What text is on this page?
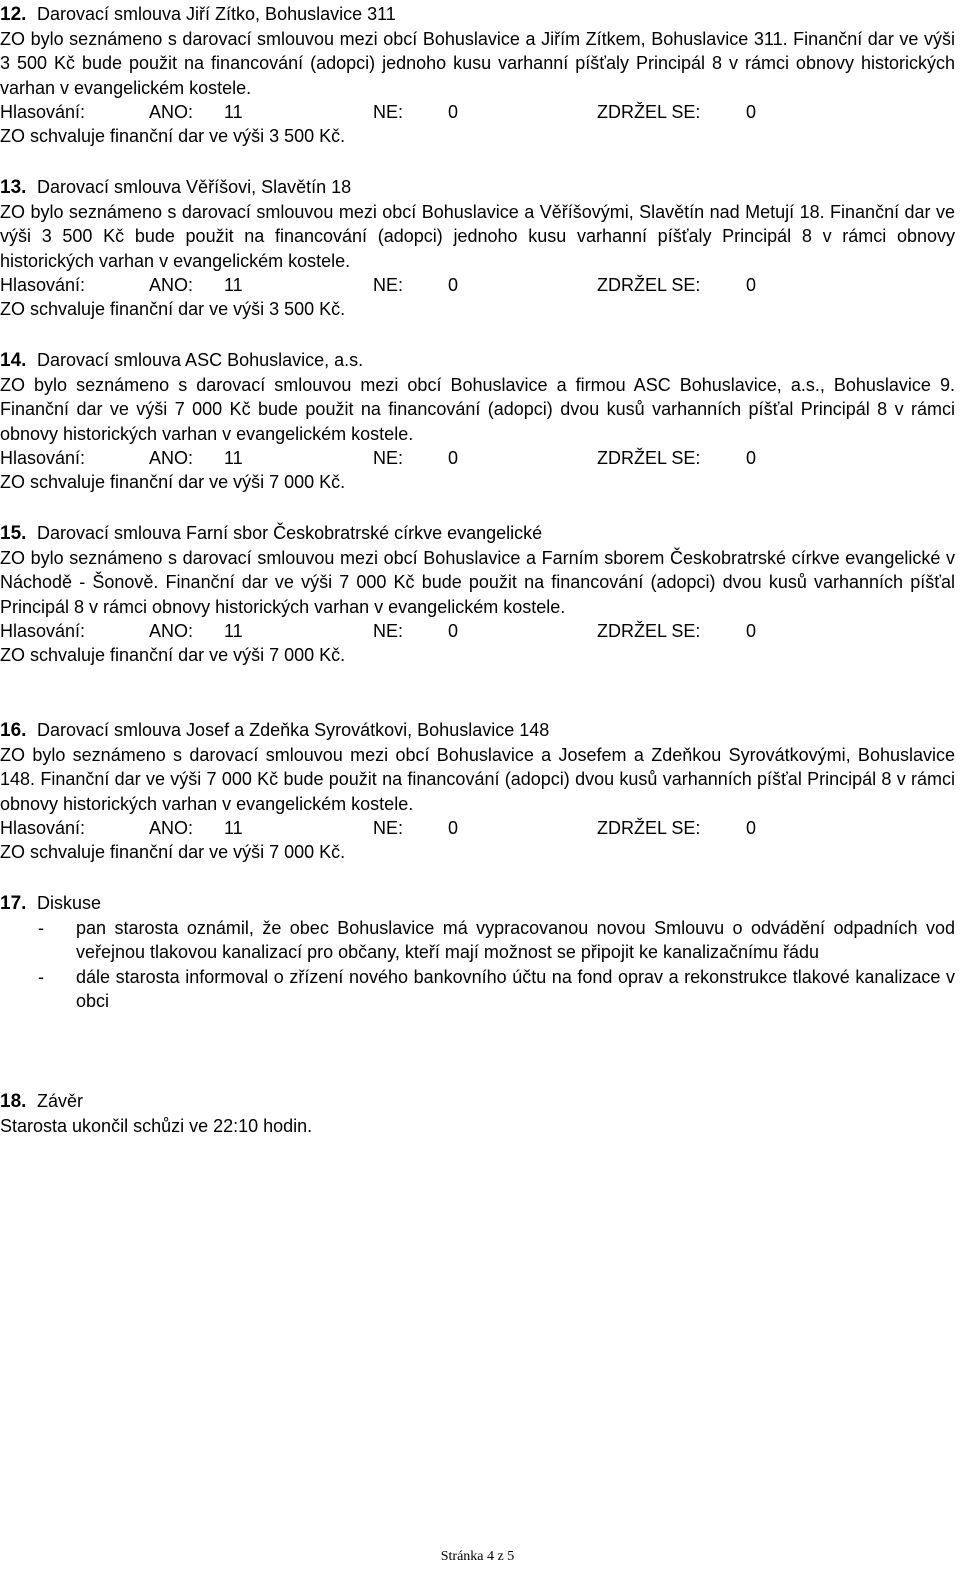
12. Darovací smlouva Jiří Zítko, Bohuslavice 311
ZO bylo seznámeno s darovací smlouvou mezi obcí Bohuslavice a Jiřím Zítkem, Bohuslavice 311. Finanční dar ve výši 3 500 Kč bude použit na financování (adopci) jednoho kusu varhanní píšťaly Principál 8 v rámci obnovy historických varhan v evangelickém kostele.
Hlasování:	ANO: 11	NE: 0	ZDRŽEL SE:	0
ZO schvaluje finanční dar ve výši 3 500 Kč.
13. Darovací smlouva Věříšovi, Slavětín 18
ZO bylo seznámeno s darovací smlouvou mezi obcí Bohuslavice a Věříšovými, Slavětín nad Metují 18. Finanční dar ve výši 3 500 Kč bude použit na financování (adopci) jednoho kusu varhanní píšťaly Principál 8 v rámci obnovy historických varhan v evangelickém kostele.
Hlasování:	ANO: 11	NE: 0	ZDRŽEL SE:	0
ZO schvaluje finanční dar ve výši 3 500 Kč.
14. Darovací smlouva ASC Bohuslavice, a.s.
ZO bylo seznámeno s darovací smlouvou mezi obcí Bohuslavice a firmou ASC Bohuslavice, a.s., Bohuslavice 9. Finanční dar ve výši 7 000 Kč bude použit na financování (adopci) dvou kusů varhanních píšťal Principál 8 v rámci obnovy historických varhan v evangelickém kostele.
Hlasování:	ANO: 11	NE: 0	ZDRŽEL SE:	0
ZO schvaluje finanční dar ve výši 7 000 Kč.
15. Darovací smlouva Farní sbor Českobratrské církve evangelické
ZO bylo seznámeno s darovací smlouvou mezi obcí Bohuslavice a Farním sborem Českobratrské církve evangelické v Náchodě - Šonově. Finanční dar ve výši 7 000 Kč bude použit na financování (adopci) dvou kusů varhanních píšťal Principál 8 v rámci obnovy historických varhan v evangelickém kostele.
Hlasování:	ANO: 11	NE: 0	ZDRŽEL SE:	0
ZO schvaluje finanční dar ve výši 7 000 Kč.
16. Darovací smlouva Josef a Zdeňka Syrovátkovi, Bohuslavice 148
ZO bylo seznámeno s darovací smlouvou mezi obcí Bohuslavice a Josefem a Zdeňkou Syrovátkovými, Bohuslavice 148. Finanční dar ve výši 7 000 Kč bude použit na financování (adopci) dvou kusů varhanních píšťal Principál 8 v rámci obnovy historických varhan v evangelickém kostele.
Hlasování:	ANO: 11	NE: 0	ZDRŽEL SE:	0
ZO schvaluje finanční dar ve výši 7 000 Kč.
17. Diskuse
- pan starosta oznámil, že obec Bohuslavice má vypracovanou novou Smlouvu o odvádění odpadních vod veřejnou tlakovou kanalizací pro občany, kteří mají možnost se připojit ke kanalizačnímu řádu
- dále starosta informoval o zřízení nového bankovního účtu na fond oprav a rekonstrukce tlakové kanalizace v obci
18. Závěr
Starosta ukončil schůzi ve 22:10 hodin.
Stránka 4 z 5
